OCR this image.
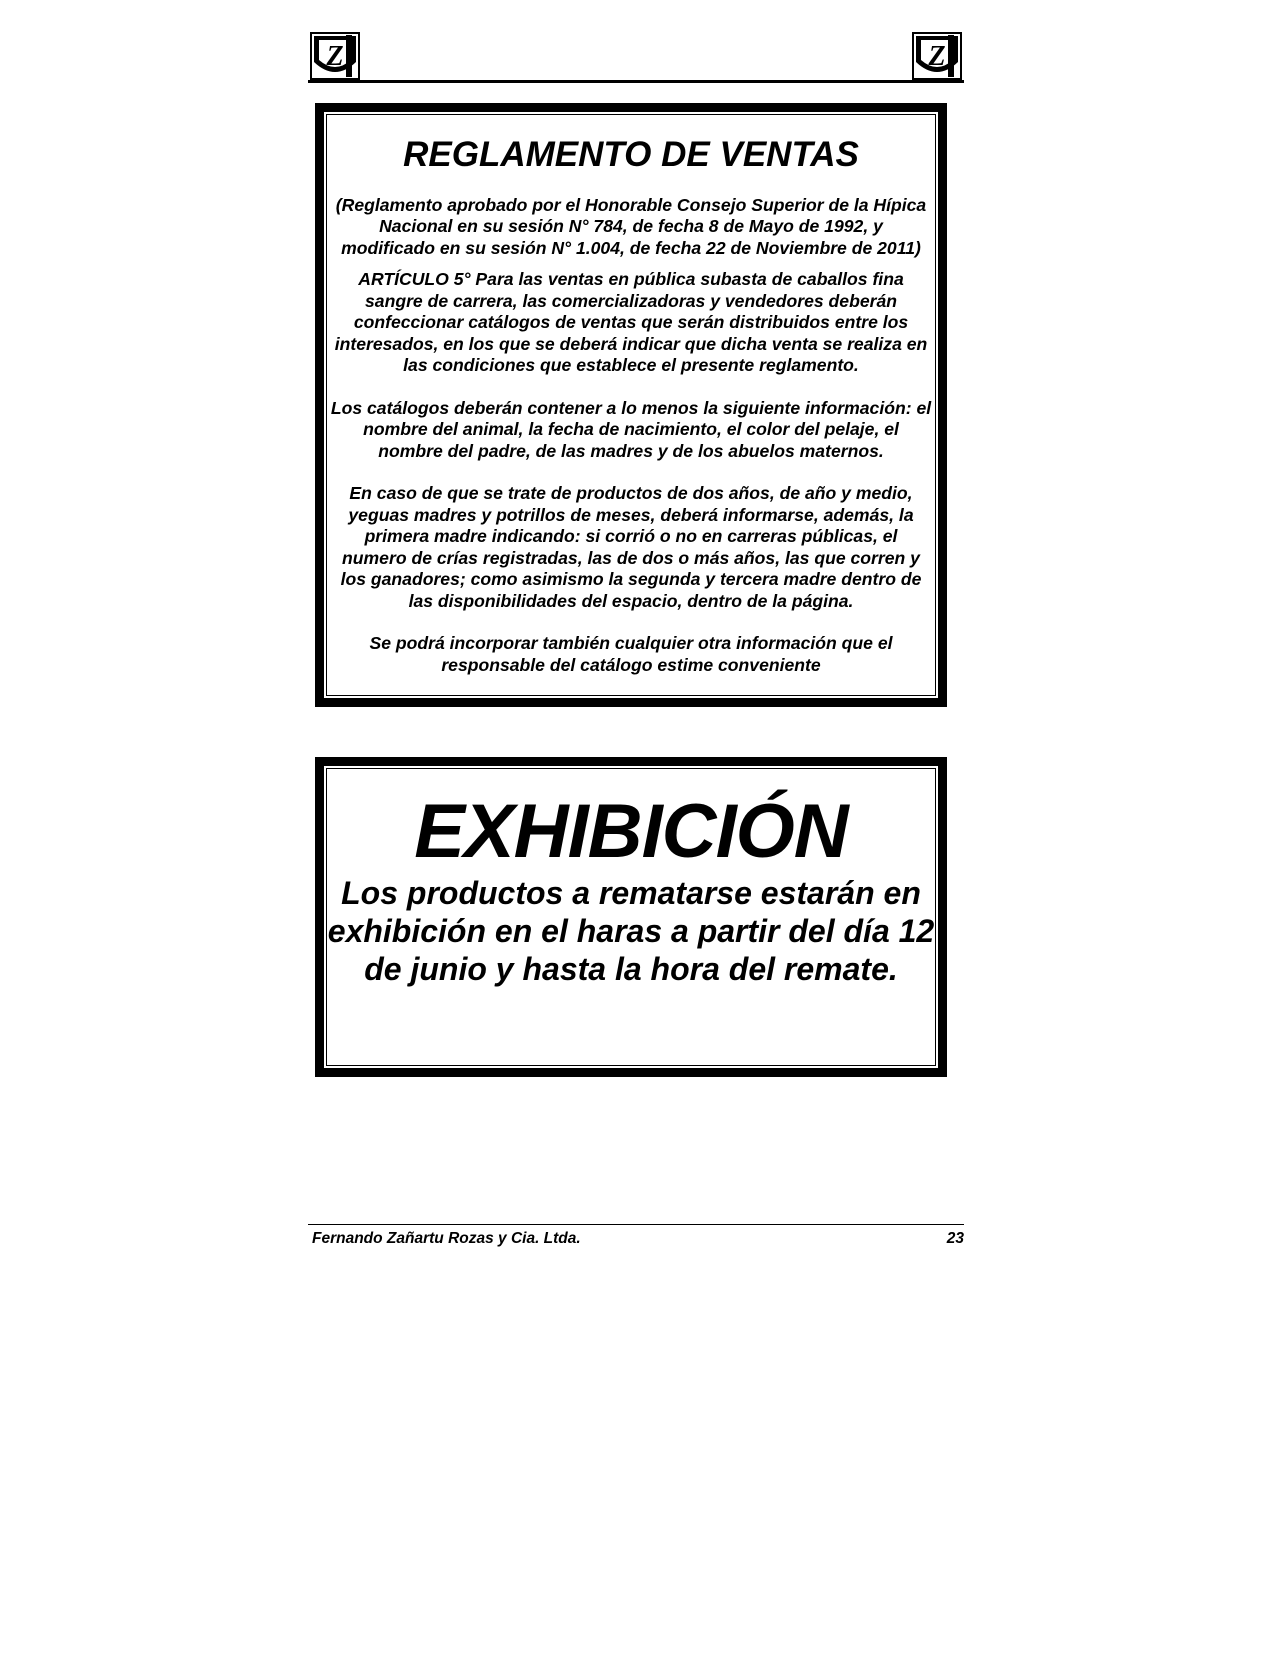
Z	Z
REGLAMENTO DE VENTAS
(Reglamento aprobado por el Honorable Consejo Superior de la Hípica Nacional en su sesión N° 784, de fecha 8 de Mayo de 1992, y modificado en su sesión N° 1.004, de fecha 22 de Noviembre de 2011)
ARTÍCULO 5° Para las ventas en pública subasta de caballos fina sangre de carrera, las comercializadoras y vendedores deberán confeccionar catálogos de ventas que serán distribuidos entre los interesados, en los que se deberá indicar que dicha venta se realiza en las condiciones que establece el presente reglamento.
Los catálogos deberán contener a lo menos la siguiente información: el nombre del animal, la fecha de nacimiento, el color del pelaje, el nombre del padre, de las madres y de los abuelos maternos.
En caso de que se trate de productos de dos años, de año y medio, yeguas madres y potrillos de meses, deberá informarse, además, la primera madre indicando: si corrió o no en carreras públicas, el numero de crías registradas, las de dos o más años, las que corren y los ganadores; como asimismo la segunda y tercera madre dentro de las disponibilidades del espacio, dentro de la página.
Se podrá incorporar también cualquier otra información que el responsable del catálogo estime conveniente
EXHIBICIÓN
Los productos a rematarse estarán en exhibición en el haras a partir del día 12 de junio y hasta la hora del remate.
Fernando Zañartu Rozas y Cia. Ltda.	23
